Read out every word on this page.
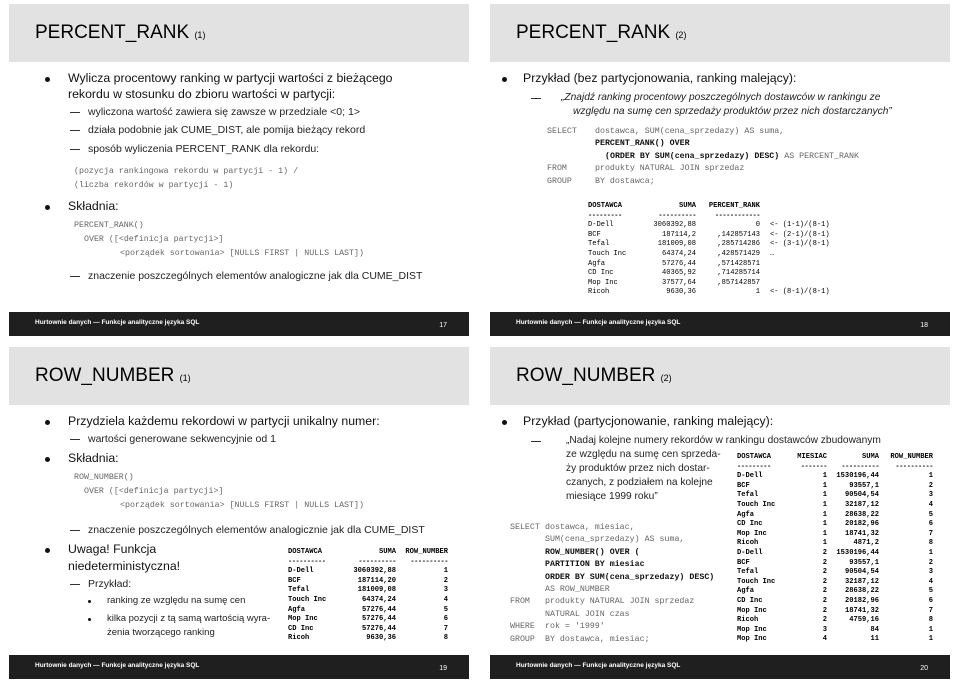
PERCENT_RANK (1)
Wylicza procentowy ranking w partycji wartości z bieżącego
rekordu w stosunku do zbioru wartości w partycji:
wyliczona wartość zawiera się zawsze w przedziale <0; 1>
działa podobnie jak CUME_DIST, ale pomija bieżący rekord
sposób wyliczenia PERCENT_RANK dla rekordu:
(pozycja rankingowa rekordu w partycji - 1) /
(liczba rekordów w partycji - 1)
Składnia:
PERCENT_RANK()
OVER ([<definicja partycji>]
<porządek sortowania> [NULLS FIRST | NULLS LAST])
znaczenie poszczególnych elementów analogiczne jak dla CUME_DIST
Hurtownie danych — Funkcje analityczne języka SQL	17
PERCENT_RANK (2)
Przykład (bez partycjonowania, ranking malejący):
„Znajdź ranking procentowy poszczególnych dostawców w rankingu ze
względu na sumę cen sprzedaży produktów przez nich dostarczanych”
SELECT dostawca, SUM(cena_sprzedazy) AS suma,
PERCENT_RANK() OVER
(ORDER BY SUM(cena_sprzedazy) DESC) AS PERCENT_RANK
FROM	produkty NATURAL JOIN sprzedaz
GROUP	BY dostawca;
DOSTAWCA	SUMA	PERCENT_RANK	
---------	----------	------------	
D-Dell	3060392,88	0	<- (1-1)/(8-1)
BCF	187114,2	,142857143	<- (2-1)/(8-1)
Tefal	181009,08	,285714286	<- (3-1)/(8-1)
Touch Inc	64374,24	,428571429	…
Agfa	57276,44	,571428571	
CD Inc	40365,92	,714285714	
Mop Inc	37577,64	,857142857	
Ricoh	9630,36	1	<- (8-1)/(8-1)
Hurtownie danych — Funkcje analityczne języka SQL	18
ROW_NUMBER (1)
Przydziela każdemu rekordowi w partycji unikalny numer:
wartości generowane sekwencyjnie od 1
Składnia:
ROW_NUMBER()
OVER ([<definicja partycji>]
<porządek sortowania> [NULLS FIRST | NULLS LAST])
znaczenie poszczególnych elementów analogicznie jak dla CUME_DIST
Uwaga! Funkcja
niedeterministyczna!
Przykład:
ranking ze względu na sumę cen
kilka pozycji z tą samą wartością wyra-
żenia tworzącego ranking
DOSTAWCA	SUMA	ROW_NUMBER
----------	----------	----------
D-Dell	3060392,88	1
BCF	187114,20	2
Tefal	181009,08	3
Touch Inc	64374,24	4
Agfa	57276,44	5
Mop Inc	57276,44	6
CD Inc	57276,44	7
Ricoh	9630,36	8
Hurtownie danych — Funkcje analityczne języka SQL	19
ROW_NUMBER (2)
Przykład (partycjonowanie, ranking malejący):
„Nadaj kolejne numery rekordów w rankingu dostawców zbudowanym
ze względu na sumę cen sprzeda-
ży produktów przez nich dostar-
czanych, z podziałem na kolejne
miesiące 1999 roku”
SELECT dostawca, miesiac,
SUM(cena_sprzedazy) AS suma,
ROW_NUMBER() OVER (
PARTITION BY miesiac
ORDER BY SUM(cena_sprzedazy) DESC)
AS ROW_NUMBER
FROM produkty NATURAL JOIN sprzedaz
NATURAL JOIN czas
WHERE rok = '1999'
GROUP BY dostawca, miesiac;
DOSTAWCA	MIESIAC	SUMA	ROW_NUMBER
---------	-------	----------	----------
D-Dell	1	1530196,44	1
BCF	1	93557,1	2
Tefal	1	90504,54	3
Touch Inc	1	32187,12	4
Agfa	1	28638,22	5
CD Inc	1	20182,96	6
Mop Inc	1	18741,32	7
Ricoh	1	4871,2	8
D-Dell	2	1530196,44	1
BCF	2	93557,1	2
Tefal	2	90504,54	3
Touch Inc	2	32187,12	4
Agfa	2	28638,22	5
CD Inc	2	20182,96	6
Mop Inc	2	18741,32	7
Ricoh	2	4759,16	8
Mop Inc	3	84	1
Mop Inc	4	11	1
Hurtownie danych — Funkcje analityczne języka SQL	20
